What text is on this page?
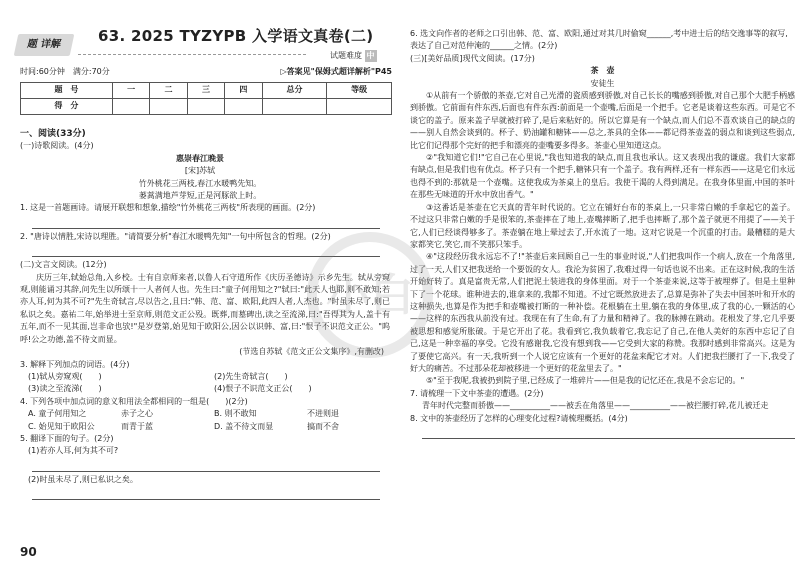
题 详解 63. 2025 TYZYPB 入学语文真卷(二)
试题难度 中
时间:60分钟　满分:70分	▷答案见"保姆式超详解析"P45
题　号	一	二	三	四	总分	等级
得　分						
一、阅读(33分)
(一)诗歌阅读。(4分)
惠崇春江晚景
[宋]苏轼
竹外桃花三两枝,春江水暖鸭先知。
蒌蒿满地芦芽短,正是河豚欲上时。
1. 这是一首题画诗。请展开联想和想象,描绘"竹外桃花三两枝"所表现的画面。(2分)
2. "唐诗以情胜,宋诗以理胜。"请简要分析"春江水暖鸭先知"一句中所包含的哲理。(2分)
(二)文言文阅读。(12分)
庆历三年,轼始总角,入乡校。士有自京师来者,以鲁人石守道所作《庆历圣德诗》示乡先生。轼从旁窥观,则能诵习其辞,问先生以所颂十一人者何人也。先生曰:"童子何用知之?"轼曰:"此天人也耶,则不敢知;若亦人耳,何为其不可?"先生奇轼言,尽以告之,且曰:"韩、范、富、欧阳,此四人者,人杰也。"时虽未尽了,则已私识之矣。嘉祐二年,始举进士至京师,则范文正公殁。既葬,而墓碑出,读之至流涕,曰:"吾得其为人,盖十有五年,而不一见其面,岂非命也欤!"是岁登第,始见知于欧阳公,因公以识韩、富,曰:"恨子不识范文正公。"呜呼!公之功德,盖不待文而显。
(节选自苏轼《范文正公文集序》,有删改)
3. 解释下列加点的词语。(4分)
(1)轼从旁窥观(　　)	(2)先生奇轼言(　　)
(3)读之至流涕(　　)	(4)恨子不识范文正公(　　)
4. 下列各项中加点词的意义和用法全都相同的一组是(　　)(2分)
A. 童子何用知之	赤子之心	B. 则不敢知	不进则退
C. 始见知于欧阳公	而青于蓝	D. 盖不待文而显	搞而不舍
5. 翻译下面的句子。(2分)
(1)若亦人耳,何为其不可?
(2)时虽未尽了,则已私识之矣。
90
6. 选文向作者的老师之口引出韩、范、富、欧阳,通过对其几时偷窥______,考中进士后的结交逸事等的叙写,表达了自己对范仲淹的______之情。(2分)
(三)[美好品质]现代文阅读。(17分)
茶　壶
安徒生
①从前有一个骄傲的茶壶,它对自己光滑的瓷质感到骄傲,对自己长长的嘴感到骄傲,对自己那个大肥手柄感到骄傲。它前面有件东西,后面也有件东西:前面是一个壶嘴,后面是一个把手。它老是谈着这些东西。可是它不谈它的盖子。原来盖子早就被打碎了,是后来粘好的。所以它算是有一个缺点,而人们总不喜欢谈自己的缺点的——别人自然会谈到的。杯子、奶油罐和糖钵——总之,茶具的全体——都记得茶壶盖的弱点和谈到这些弱点,比它们记得那个完好的把手和漂亮的壶嘴要多得多。茶壶心里知道这点。
②"我知道它们!"它自己在心里说,"我也知道我的缺点,而且我也承认。这又表现出我的谦虚。我们大家都有缺点,但是我们也有优点。杯子只有一个把手,糖钵只有一个盖子。我有两样,还有一样东西——这是它们永远也得不到的:那就是一个壶嘴。这使我成为茶桌上的皇后。我使干渴的人得到满足。在我身体里面,中国的茶叶在那些无味道的开水中放出香气。"
③这番话是茶壶在它天真的青年时代说的。它立在铺好台布的茶桌上,一只非常白嫩的手拿起它的盖子。不过这只非常白嫩的手是很笨的,茶壶摔在了地上,壶嘴摔断了,把手也摔断了,那个盖子就更不用提了——关于它,人们已经谈得够多了。茶壶躺在地上晕过去了,开水流了一地。这对它说是一个沉重的打击。最糟糕的是大家都笑它,笑它,而不笑那只笨手。
④"这段经历我永远忘不了!"茶壶后来回顾自己一生的事业时说,"人们把我叫作一个病人,放在一个角落里,过了一天,人们又把我送给一个要饭的女人。我沦为贫困了,我难过得一句话也说不出来。正在这时候,我的生活开始好转了。真是富贵无常,人们把泥土装进我的身体里面。对于一个茶壶来说,这等于被埋葬了。但是土里种下了一个花球。谁种进去的,谁拿来的,我都不知道。不过它既然放进去了,总算是弥补了失去中国茶叶和开水的这种损失,也算是作为把手和壶嘴被打断的一种补偿。花根躺在土里,躺在我的身体里,成了我的心,一颗活的心——这样的东西我从前没有过。我现在有了生命,有了力量和精神了。我的脉搏在跳动。花根发了芽,它几乎要被思想和感觉所胀破。于是它开出了花。我看到它,我负载着它,我忘记了自己,在他人美好的东西中忘记了自己,这是一种幸福的享受。它没有感谢我,它没有想到我——它受到大家的称赞。我那时感到非常高兴。这是为了要使它高兴。有一天,我听到一个人说它应该有一个更好的花盆来配它才对。人们把我拦腰打了一下,我受了好大的痛苦。不过那朵花却被移进一个更好的花盆里去了。"
⑤"至于我呢,我被扔到院子里,已经成了一堆碎片——但是我的记忆还在,我是不会忘记的。"
7. 请梳理一下文中茶壶的遭遇。(2分)
青年时代完整而骄傲——__________——被丢在角落里——__________——被拦腰打碎,花儿被迁走
8. 文中的茶壶经历了怎样的心理变化过程?请梳理概括。(4分)
小白
